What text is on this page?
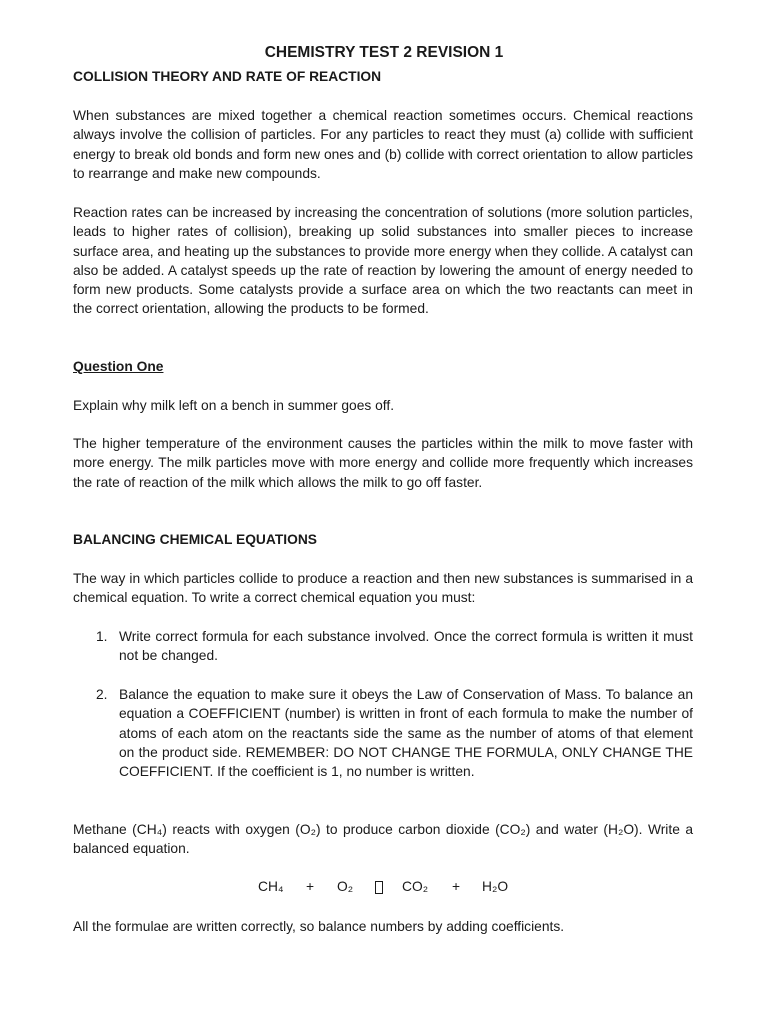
CHEMISTRY TEST 2 REVISION 1
COLLISION THEORY AND RATE OF REACTION

When substances are mixed together a chemical reaction sometimes occurs. Chemical reactions always involve the collision of particles. For any particles to react they must (a) collide with sufficient energy to break old bonds and form new ones and (b) collide with correct orientation to allow particles to rearrange and make new compounds.

Reaction rates can be increased by increasing the concentration of solutions (more solution particles, leads to higher rates of collision), breaking up solid substances into smaller pieces to increase surface area, and heating up the substances to provide more energy when they collide. A catalyst can also be added. A catalyst speeds up the rate of reaction by lowering the amount of energy needed to form new products. Some catalysts provide a surface area on which the two reactants can meet in the correct orientation, allowing the products to be formed.

Question One

Explain why milk left on a bench in summer goes off.

The higher temperature of the environment causes the particles within the milk to move faster with more energy. The milk particles move with more energy and collide more frequently which increases the rate of reaction of the milk which allows the milk to go off faster.

BALANCING CHEMICAL EQUATIONS

The way in which particles collide to produce a reaction and then new substances is summarised in a chemical equation. To write a correct chemical equation you must:

1. Write correct formula for each substance involved. Once the correct formula is written it must not be changed.
2. Balance the equation to make sure it obeys the Law of Conservation of Mass. To balance an equation a COEFFICIENT (number) is written in front of each formula to make the number of atoms of each atom on the reactants side the same as the number of atoms of that element on the product side. REMEMBER: DO NOT CHANGE THE FORMULA, ONLY CHANGE THE COEFFICIENT. If the coefficient is 1, no number is written.

Methane (CH₄) reacts with oxygen (O₂) to produce carbon dioxide (CO₂) and water (H₂O). Write a balanced equation.

CH₄ + O₂	CO₂ + H₂O

All the formulae are written correctly, so balance numbers by adding coefficients.
